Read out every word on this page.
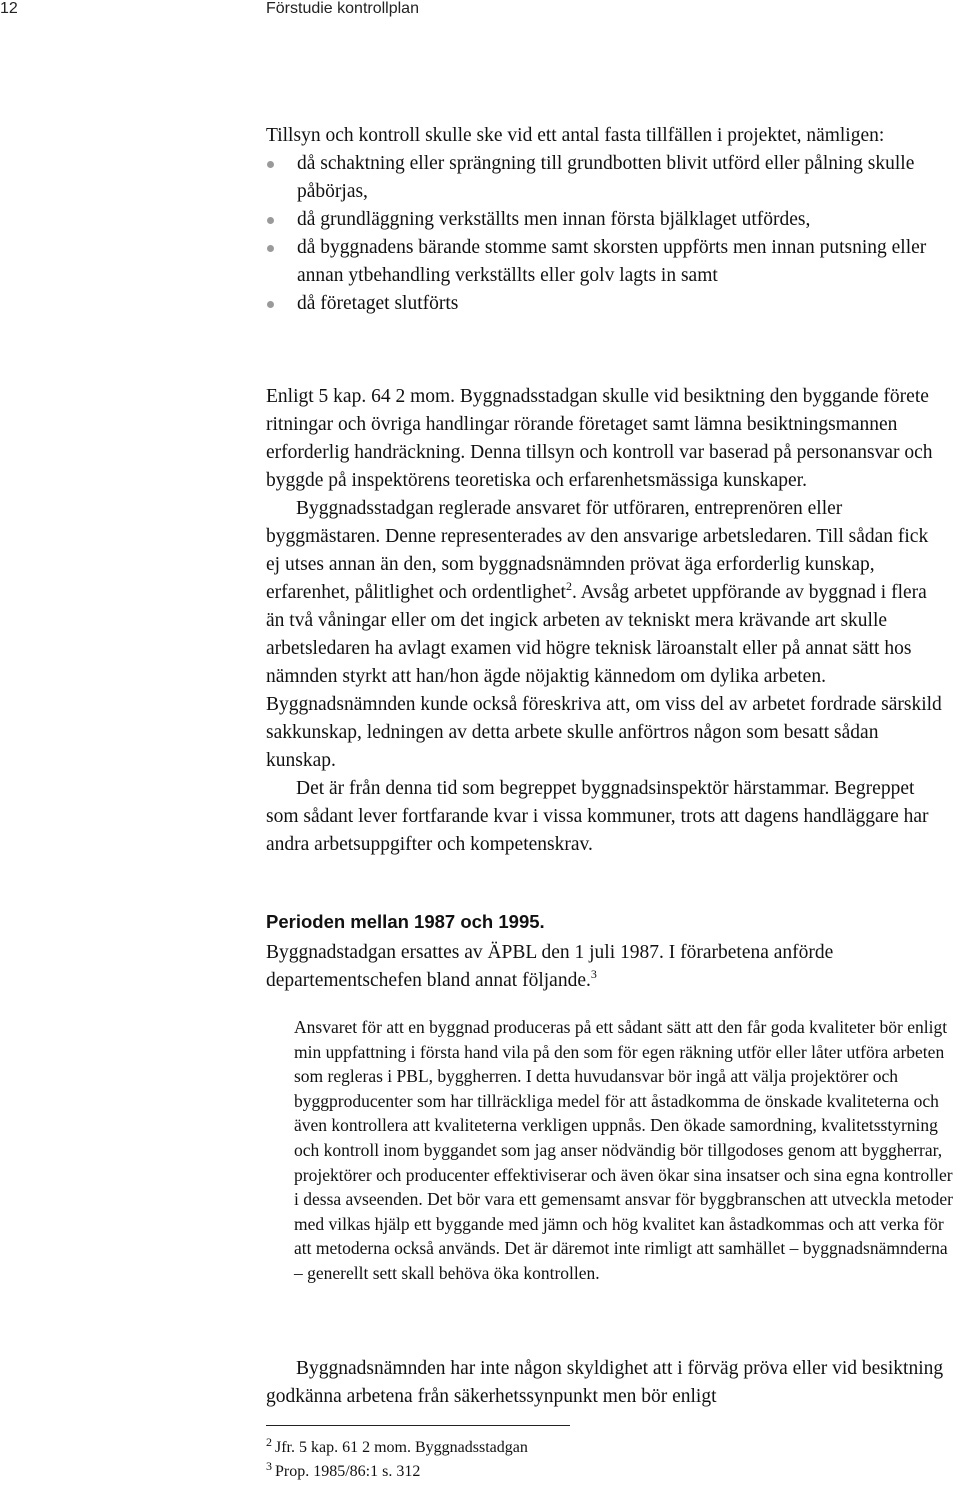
12	Förstudie kontrollplan

Tillsyn och kontroll skulle ske vid ett antal fasta tillfällen i projektet, nämligen:

då schaktning eller sprängning till grundbotten blivit utförd eller pålning skulle påbörjas,
då grundläggning verkställts men innan första bjälklaget utfördes,
då byggnadens bärande stomme samt skorsten uppförts men innan putsning eller annan ytbehandling verkställts eller golv lagts in samt
då företaget slutförts

Enligt 5 kap. 64 2 mom. Byggnadsstadgan skulle vid besiktning den byggande förete ritningar och övriga handlingar rörande företaget samt lämna besiktningsmannen erforderlig handräckning. Denna tillsyn och kontroll var baserad på personansvar och byggde på inspektörens teoretiska och erfarenhetsmässiga kunskaper.

Byggnadsstadgan reglerade ansvaret för utföraren, entreprenören eller byggmästaren. Denne representerades av den ansvarige arbetsledaren. Till sådan fick ej utses annan än den, som byggnadsnämnden prövat äga erforderlig kunskap, erfarenhet, pålitlighet och ordentlighet$^2$. Avsåg arbetet uppförande av byggnad i flera än två våningar eller om det ingick arbeten av tekniskt mera krävande art skulle arbetsledaren ha avlagt examen vid högre teknisk läroanstalt eller på annat sätt hos nämnden styrkt att han/hon ägde nöjaktig kännedom om dylika arbeten. Byggnadsnämnden kunde också föreskriva att, om viss del av arbetet fordrade särskild sakkunskap, ledningen av detta arbete skulle anförtros någon som besatt sådan kunskap.

Det är från denna tid som begreppet byggnadsinspektör härstammar. Begreppet som sådant lever fortfarande kvar i vissa kommuner, trots att dagens handläggare har andra arbetsuppgifter och kompetenskrav.

Perioden mellan 1987 och 1995.

Byggnadstadgan ersattes av ÄPBL den 1 juli 1987. I förarbetena anförde departementschefen bland annat följande.$^3$

Ansvaret för att en byggnad produceras på ett sådant sätt att den får goda kvaliteter bör enligt min uppfattning i första hand vila på den som för egen räkning utför eller låter utföra arbeten som regleras i PBL, byggherren. I detta huvudansvar bör ingå att välja projektörer och byggproducenter som har tillräckliga medel för att åstadkomma de önskade kvaliteterna och även kontrollera att kvaliteterna verkligen uppnås. Den ökade samordning, kvalitetsstyrning och kontroll inom byggandet som jag anser nödvändig bör tillgodoses genom att byggherrar, projektörer och producenter effektiviserar och även ökar sina insatser och sina egna kontroller i dessa avseenden. Det bör vara ett gemensamt ansvar för byggbranschen att utveckla metoder med vilkas hjälp ett byggande med jämn och hög kvalitet kan åstadkommas och att verka för att metoderna också används. Det är däremot inte rimligt att samhället – byggnadsnämnderna – generellt sett skall behöva öka kontrollen.

Byggnadsnämnden har inte någon skyldighet att i förväg pröva eller vid besiktning godkänna arbetena från säkerhetssynpunkt men bör enligt

$^2$ Jfr. 5 kap. 61 2 mom. Byggnadsstadgan

$^3$ Prop. 1985/86:1 s. 312
